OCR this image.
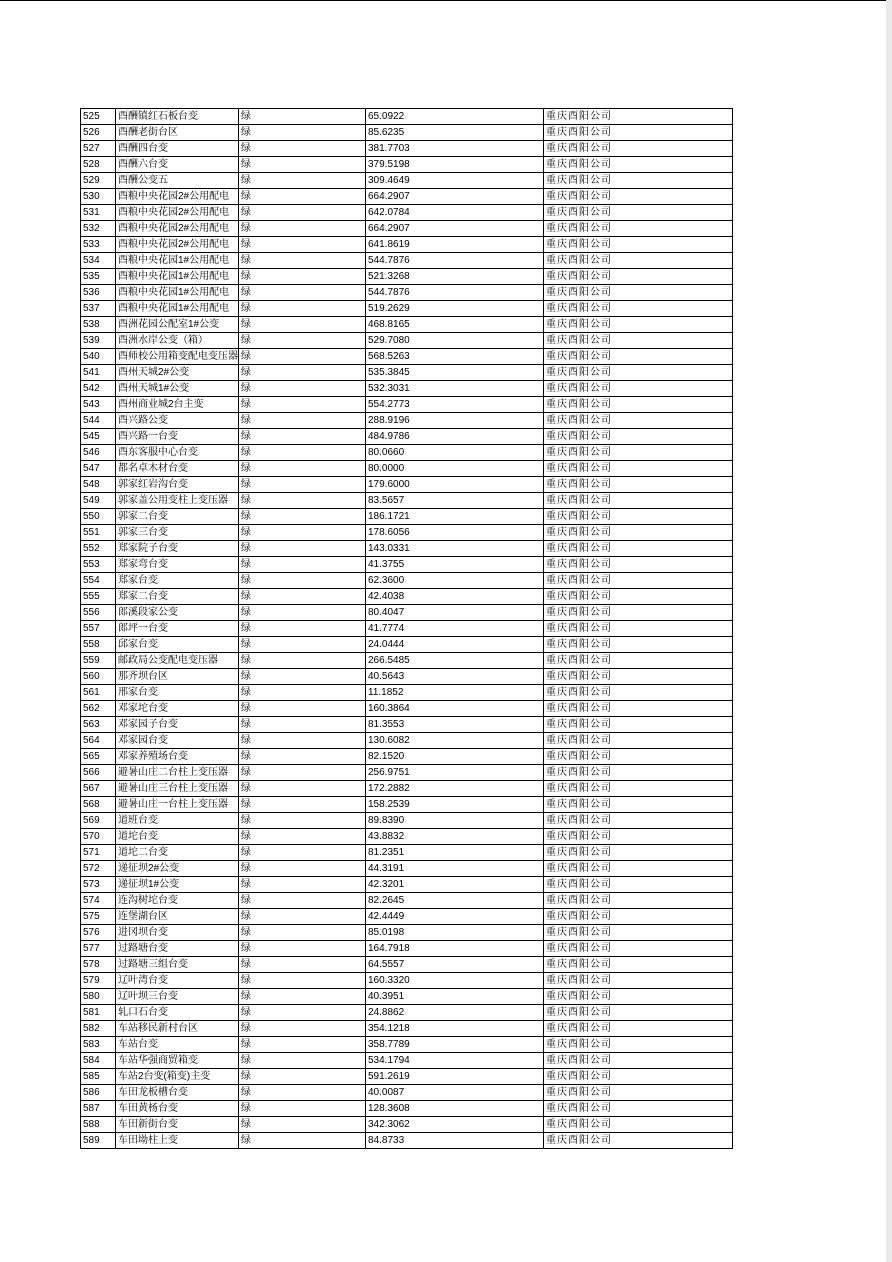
525	酉酬镇红石板台变	绿	65.0922	重庆酉阳公司
526	酉酬老街台区	绿	85.6235	重庆酉阳公司
527	酉酬四台变	绿	381.7703	重庆酉阳公司
528	酉酬六台变	绿	379.5198	重庆酉阳公司
529	酉酬公变五	绿	309.4649	重庆酉阳公司
530	酉粮中央花园2#公用配电	绿	664.2907	重庆酉阳公司
531	酉粮中央花园2#公用配电	绿	642.0784	重庆酉阳公司
532	酉粮中央花园2#公用配电	绿	664.2907	重庆酉阳公司
533	酉粮中央花园2#公用配电	绿	641.8619	重庆酉阳公司
534	酉粮中央花园1#公用配电	绿	544.7876	重庆酉阳公司
535	酉粮中央花园1#公用配电	绿	521.3268	重庆酉阳公司
536	酉粮中央花园1#公用配电	绿	544.7876	重庆酉阳公司
537	酉粮中央花园1#公用配电	绿	519.2629	重庆酉阳公司
538	酉洲花园公配室1#公变	绿	468.8165	重庆酉阳公司
539	酉洲水岸公变（箱）	绿	529.7080	重庆酉阳公司
540	酉师校公用箱变配电变压器	绿	568.5263	重庆酉阳公司
541	酉州天城2#公变	绿	535.3845	重庆酉阳公司
542	酉州天城1#公变	绿	532.3031	重庆酉阳公司
543	酉州商业城2台主变	绿	554.2773	重庆酉阳公司
544	酉兴路公变	绿	288.9196	重庆酉阳公司
545	酉兴路一台变	绿	484.9786	重庆酉阳公司
546	酉东客服中心台变	绿	80.0660	重庆酉阳公司
547	都名卓木材台变	绿	80.0000	重庆酉阳公司
548	郭家红岩沟台变	绿	179.6000	重庆酉阳公司
549	郭家盖公用变柱上变压器	绿	83.5657	重庆酉阳公司
550	郭家二台变	绿	186.1721	重庆酉阳公司
551	郭家三台变	绿	178.6056	重庆酉阳公司
552	郑家院子台变	绿	143.0331	重庆酉阳公司
553	郑家弯台变	绿	41.3755	重庆酉阳公司
554	郑家台变	绿	62.3600	重庆酉阳公司
555	郑家二台变	绿	42.4038	重庆酉阳公司
556	郎溪段家公变	绿	80.4047	重庆酉阳公司
557	郎坪一台变	绿	41.7774	重庆酉阳公司
558	邱家台变	绿	24.0444	重庆酉阳公司
559	邮政局公变配电变压器	绿	266.5485	重庆酉阳公司
560	那齐坝台区	绿	40.5643	重庆酉阳公司
561	邢家台变	绿	11.1852	重庆酉阳公司
562	邓家坨台变	绿	160.3864	重庆酉阳公司
563	邓家园子台变	绿	81.3553	重庆酉阳公司
564	邓家园台变	绿	130.6082	重庆酉阳公司
565	邓家养殖场台变	绿	82.1520	重庆酉阳公司
566	避暑山庄二台柱上变压器	绿	256.9751	重庆酉阳公司
567	避暑山庄三台柱上变压器	绿	172.2882	重庆酉阳公司
568	避暑山庄一台柱上变压器	绿	158.2539	重庆酉阳公司
569	道班台变	绿	89.8390	重庆酉阳公司
570	道坨台变	绿	43.8832	重庆酉阳公司
571	道坨二台变	绿	81.2351	重庆酉阳公司
572	递征坝2#公变	绿	44.3191	重庆酉阳公司
573	递征坝1#公变	绿	42.3201	重庆酉阳公司
574	连沟树坨台变	绿	82.2645	重庆酉阳公司
575	连堡湖台区	绿	42.4449	重庆酉阳公司
576	进冈坝台变	绿	85.0198	重庆酉阳公司
577	过路塘台变	绿	164.7918	重庆酉阳公司
578	过路塘三组台变	绿	64.5557	重庆酉阳公司
579	辽叶湾台变	绿	160.3320	重庆酉阳公司
580	辽叶坝三台变	绿	40.3951	重庆酉阳公司
581	轧口石台变	绿	24.8862	重庆酉阳公司
582	车站移民新村台区	绿	354.1218	重庆酉阳公司
583	车站台变	绿	358.7789	重庆酉阳公司
584	车站华强商贸箱变	绿	534.1794	重庆酉阳公司
585	车站2台变(箱变)主变	绿	591.2619	重庆酉阳公司
586	车田龙板槽台变	绿	40.0087	重庆酉阳公司
587	车田黄杨台变	绿	128.3608	重庆酉阳公司
588	车田新街台变	绿	342.3062	重庆酉阳公司
589	车田坳柱上变	绿	84.8733	重庆酉阳公司
